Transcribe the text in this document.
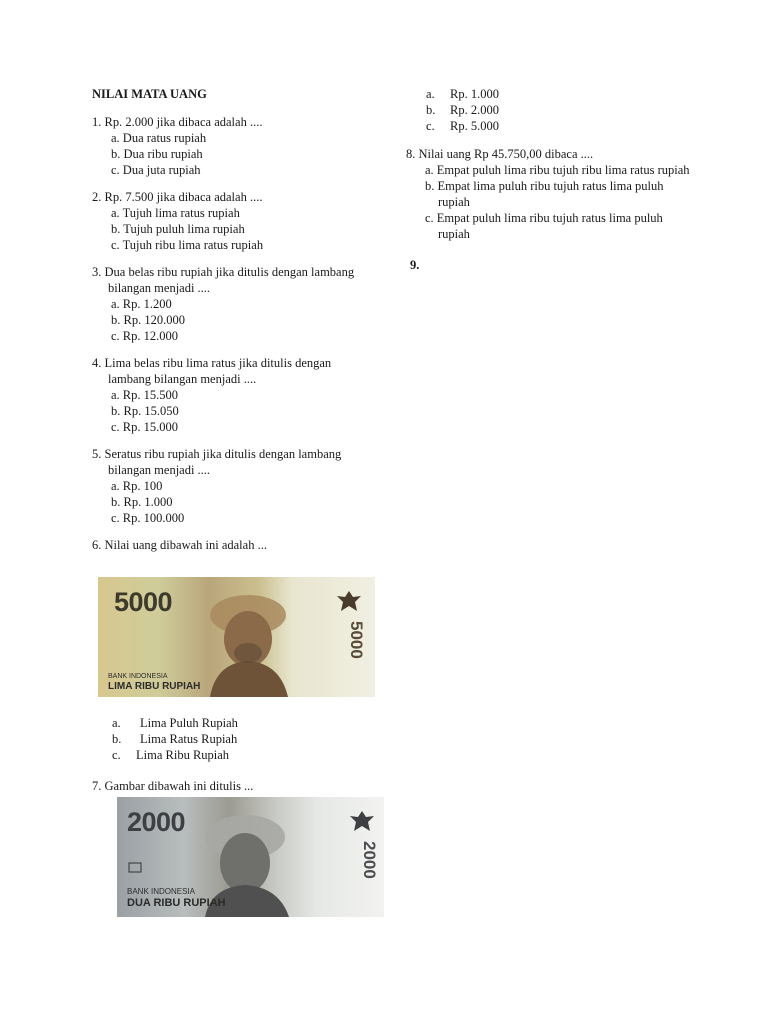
NILAI MATA UANG
1. Rp. 2.000 jika dibaca adalah ....
a. Dua ratus rupiah
b. Dua ribu rupiah
c. Dua juta rupiah
2. Rp. 7.500 jika dibaca adalah ....
a. Tujuh lima ratus rupiah
b. Tujuh puluh lima rupiah
c. Tujuh ribu lima ratus rupiah
3. Dua belas ribu rupiah jika ditulis dengan lambang bilangan menjadi ....
a. Rp. 1.200
b. Rp. 120.000
c. Rp. 12.000
4. Lima belas ribu lima ratus jika ditulis dengan lambang bilangan menjadi ....
a. Rp. 15.500
b. Rp. 15.050
c. Rp. 15.000
5. Seratus ribu rupiah jika ditulis dengan lambang bilangan menjadi ....
a. Rp. 100
b. Rp. 1.000
c. Rp. 100.000
6. Nilai uang dibawah ini adalah ...
a. Lima Puluh Rupiah
b. Lima Ratus Rupiah
c. Lima Ribu Rupiah
7. Gambar dibawah ini ditulis ...
5000
5000
BANK INDONESIA
LIMA RIBU RUPIAH
2000
2000
BANK INDONESIA
DUA RIBU RUPIAH
a. Rp. 1.000
b. Rp. 2.000
c. Rp. 5.000
8. Nilai uang Rp 45.750,00 dibaca ....
a. Empat puluh lima ribu tujuh ribu lima ratus rupiah
b. Empat lima puluh ribu tujuh ratus lima puluh rupiah
c. Empat puluh lima ribu tujuh ratus lima puluh rupiah
9.
